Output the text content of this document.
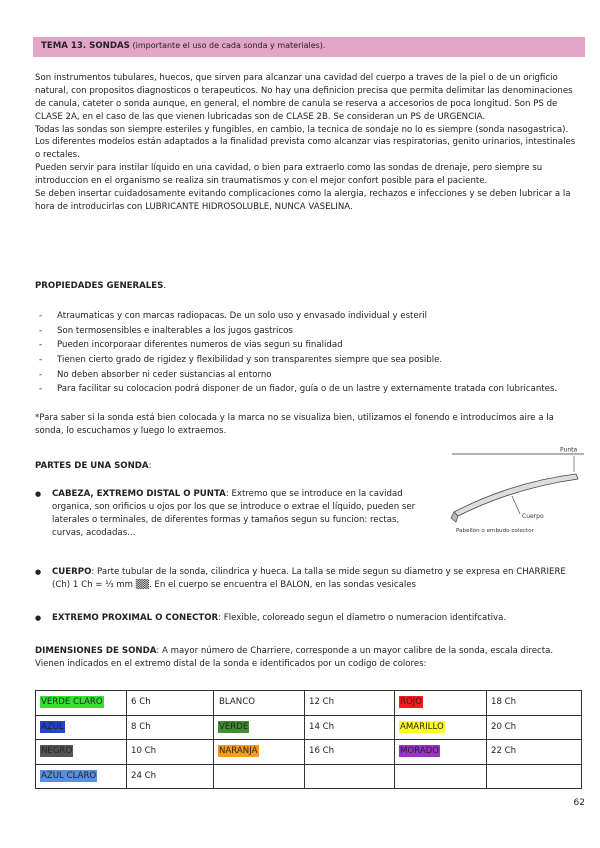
TEMA 13. SONDAS (importante el uso de cada sonda y materiales).

Son instrumentos tubulares, huecos, que sirven para alcanzar una cavidad del cuerpo a traves de la piel o de un origficio natural, con propositos diagnosticos o terapeuticos. No hay una definicion precisa que permita delimitar las denominaciones de canula, cateter o sonda aunque, en general, el nombre de canula se reserva a accesorios de poca longitud. Son PS de CLASE 2A, en el caso de las que vienen lubricadas son de CLASE 2B. Se consideran un PS de URGENCIA.

Todas las sondas son siempre esteriles y fungibles, en cambio, la tecnica de sondaje no lo es siempre (sonda nasogastrica). Los diferentes modelos están adaptados a la finalidad prevista como alcanzar vias respiratorias, genito urinarios, intestinales o rectales.

Pueden servir para instilar líquido en una cavidad, o bien para extraerlo como las sondas de drenaje, pero siempre su introduccion en el organismo se realiza sin traumatismos y con el mejor confort posible para el paciente.

Se deben insertar cuidadosamente evitando complicaciones como la alergia, rechazos e infecciones y se deben lubricar a la hora de introducirlas con LUBRICANTE HIDROSOLUBLE, NUNCA VASELINA.

PROPIEDADES GENERALES.
- Atraumaticas y con marcas radiopacas. De un solo uso y envasado individual y esteril
- Son termosensibles e inalterables a los jugos gastricos
- Pueden incorporaar diferentes numeros de vias segun su finalidad
- Tienen cierto grado de rigidez y flexibilidad y son transparentes siempre que sea posible.
- No deben absorber ni ceder sustancias al entorno
- Para facilitar su colocacion podrá disponer de un fiador, guía o de un lastre y externamente tratada con lubricantes.

*Para saber si la sonda está bien colocada y la marca no se visualiza bien, utilizamos el fonendo e introducimos aire a la sonda, lo escuchamos y luego lo extraemos.

PARTES DE UNA SONDA:
● CABEZA, EXTREMO DISTAL O PUNTA: Extremo que se introduce en la cavidad organica, son orificios u ojos por los que se introduce o extrae el líquido, pueden ser laterales o terminales, de diferentes formas y tamaños segun su funcion: rectas, curvas, acodadas...
Punta
Cuerpo
Pabellón o embudo colector
● CUERPO: Parte tubular de la sonda, cilindrica y hueca. La talla se mide segun su diametro y se expresa en CHARRIERE (Ch) 1 Ch = ⅓ mm ▒▒. En el cuerpo se encuentra el BALON, en las sondas vesicales
● EXTREMO PROXIMAL O CONECTOR: Flexible, coloreado segun el diametro o numeracion identifcativa.

DIMENSIONES DE SONDA: A mayor número de Charriere, corresponde a un mayor calibre de la sonda, escala directa.

Vienen indicados en el extremo distal de la sonda e identificados por un codigo de colores:

VERDE CLARO	6 Ch	BLANCO	12 Ch	ROJO	18 Ch
AZUL	8 Ch	VERDE	14 Ch	AMARILLO	20 Ch
NEGRO	10 Ch	NARANJA	16 Ch	MORADO	22 Ch
AZUL CLARO	24 Ch				
62
